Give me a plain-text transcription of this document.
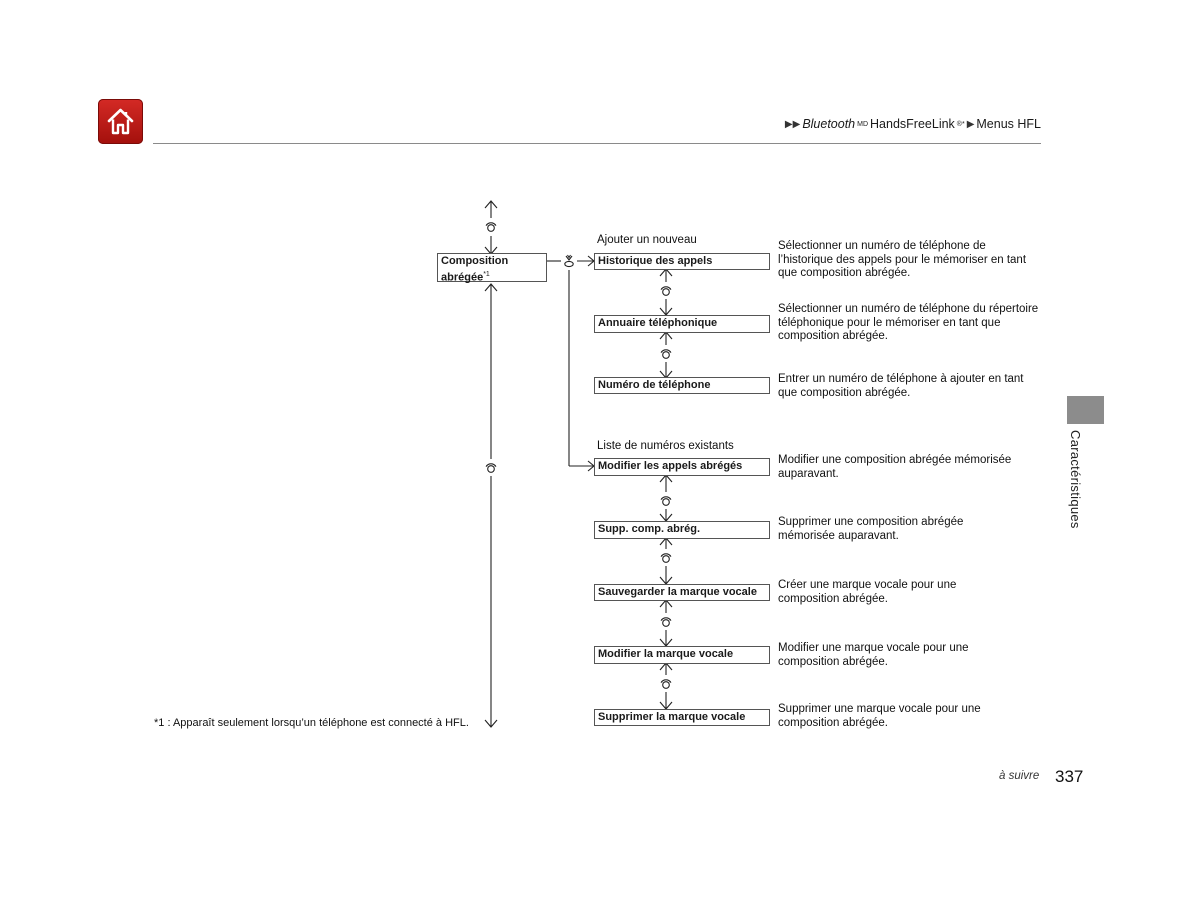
▶▶ Bluetooth MD HandsFreeLink ®* ▶ Menus HFL
Caractéristiques
Composition
abrégée$^{*1}$
Ajouter un nouveau
Liste de numéros existants
Historique des appels
Annuaire téléphonique
Numéro de téléphone
Modifier les appels abrégés
Supp. comp. abrég.
Sauvegarder la marque vocale
Modifier la marque vocale
Supprimer la marque vocale
Sélectionner un numéro de téléphone de l’historique des appels pour le mémoriser en tant que composition abrégée.
Sélectionner un numéro de téléphone du répertoire téléphonique pour le mémoriser en tant que composition abrégée.
Entrer un numéro de téléphone à ajouter en tant que composition abrégée.
Modifier une composition abrégée mémorisée auparavant.
Supprimer une composition abrégée mémorisée auparavant.
Créer une marque vocale pour une composition abrégée.
Modifier une marque vocale pour une composition abrégée.
Supprimer une marque vocale pour une composition abrégée.
*1 : Apparaît seulement lorsqu’un téléphone est connecté à HFL.
à suivre 337
